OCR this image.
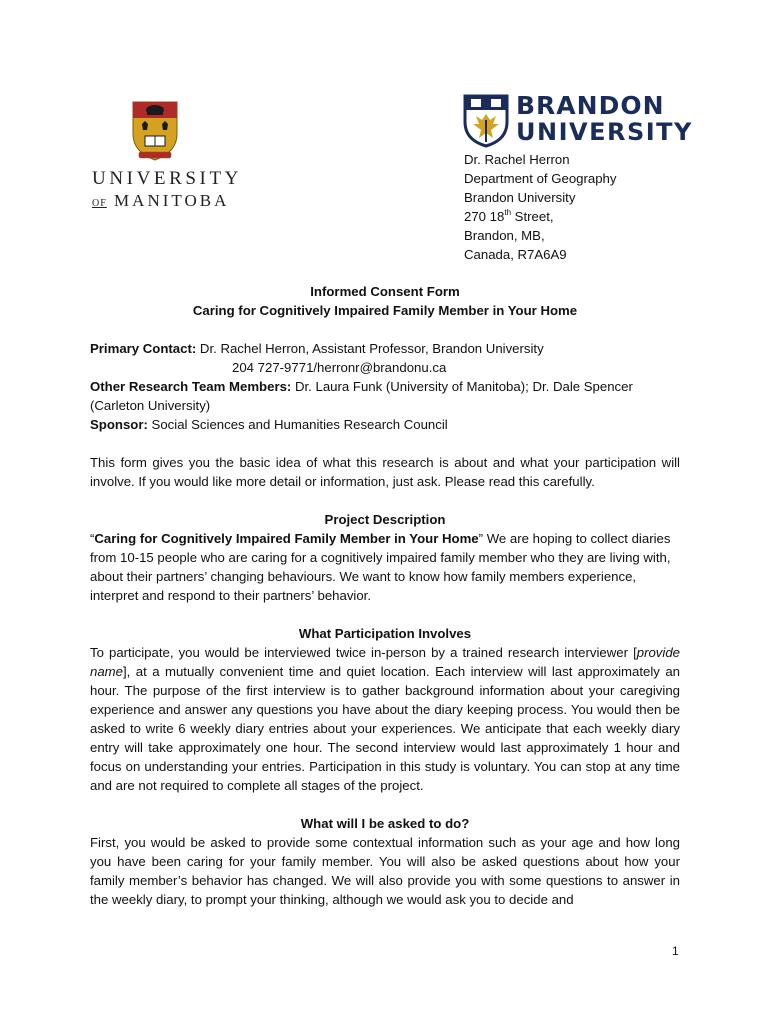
UNIVERSITY
OF MANITOBA
BRANDON
UNIVERSITY
Dr. Rachel Herron
Department of Geography
Brandon University
270 18th Street,
Brandon, MB,
Canada, R7A6A9
Informed Consent Form
Caring for Cognitively Impaired Family Member in Your Home
Primary Contact: Dr. Rachel Herron, Assistant Professor, Brandon University
204 727-9771/herronr@brandonu.ca
Other Research Team Members: Dr. Laura Funk (University of Manitoba); Dr. Dale Spencer (Carleton University)
Sponsor: Social Sciences and Humanities Research Council
This form gives you the basic idea of what this research is about and what your participation will involve. If you would like more detail or information, just ask. Please read this carefully.
Project Description
“Caring for Cognitively Impaired Family Member in Your Home” We are hoping to collect diaries from 10-15 people who are caring for a cognitively impaired family member who they are living with, about their partners’ changing behaviours. We want to know how family members experience, interpret and respond to their partners’ behavior.
What Participation Involves
To participate, you would be interviewed twice in-person by a trained research interviewer [provide name], at a mutually convenient time and quiet location. Each interview will last approximately an hour. The purpose of the first interview is to gather background information about your caregiving experience and answer any questions you have about the diary keeping process. You would then be asked to write 6 weekly diary entries about your experiences. We anticipate that each weekly diary entry will take approximately one hour. The second interview would last approximately 1 hour and focus on understanding your entries. Participation in this study is voluntary. You can stop at any time and are not required to complete all stages of the project.
What will I be asked to do?
First, you would be asked to provide some contextual information such as your age and how long you have been caring for your family member. You will also be asked questions about how your family member’s behavior has changed. We will also provide you with some questions to answer in the weekly diary, to prompt your thinking, although we would ask you to decide and
1
